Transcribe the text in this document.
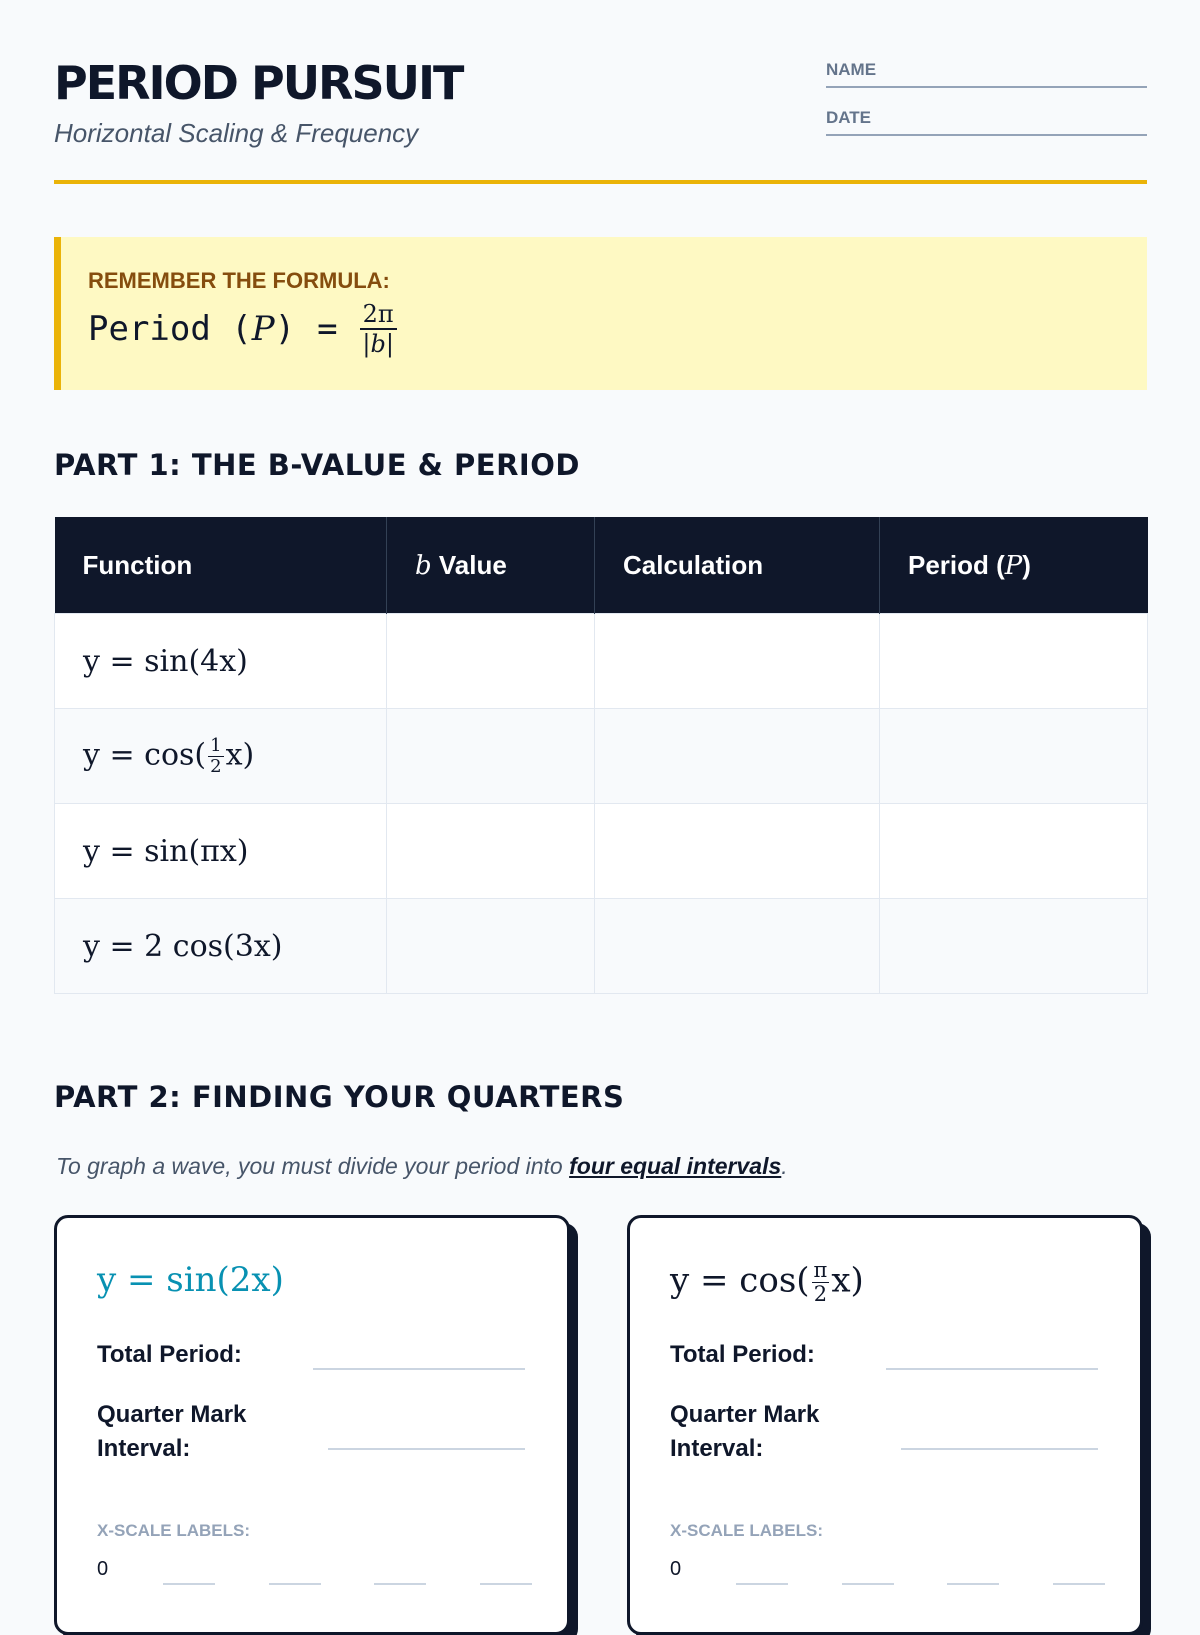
PERIOD PURSUIT
Horizontal Scaling & Frequency
NAME
DATE
REMEMBER THE FORMULA:
Period ( P ) = $\frac{2\pi}{|b|}$
PART 1: THE B-VALUE & PERIOD
Function	b Value	Calculation	Period (P)
y = sin(4x)			
$y = \cos( \frac{1}{2} x)$			
y = sin(πx)			
y = 2 cos(3x)			
PART 2: FINDING YOUR QUARTERS
To graph a wave, you must divide your period into four equal intervals.
y = sin(2x)
Total Period:
Quarter Mark Interval:
X-SCALE LABELS:
0
$y = \cos( \frac{\pi}{2} x)$
Total Period:
Quarter Mark Interval:
X-SCALE LABELS:
0
